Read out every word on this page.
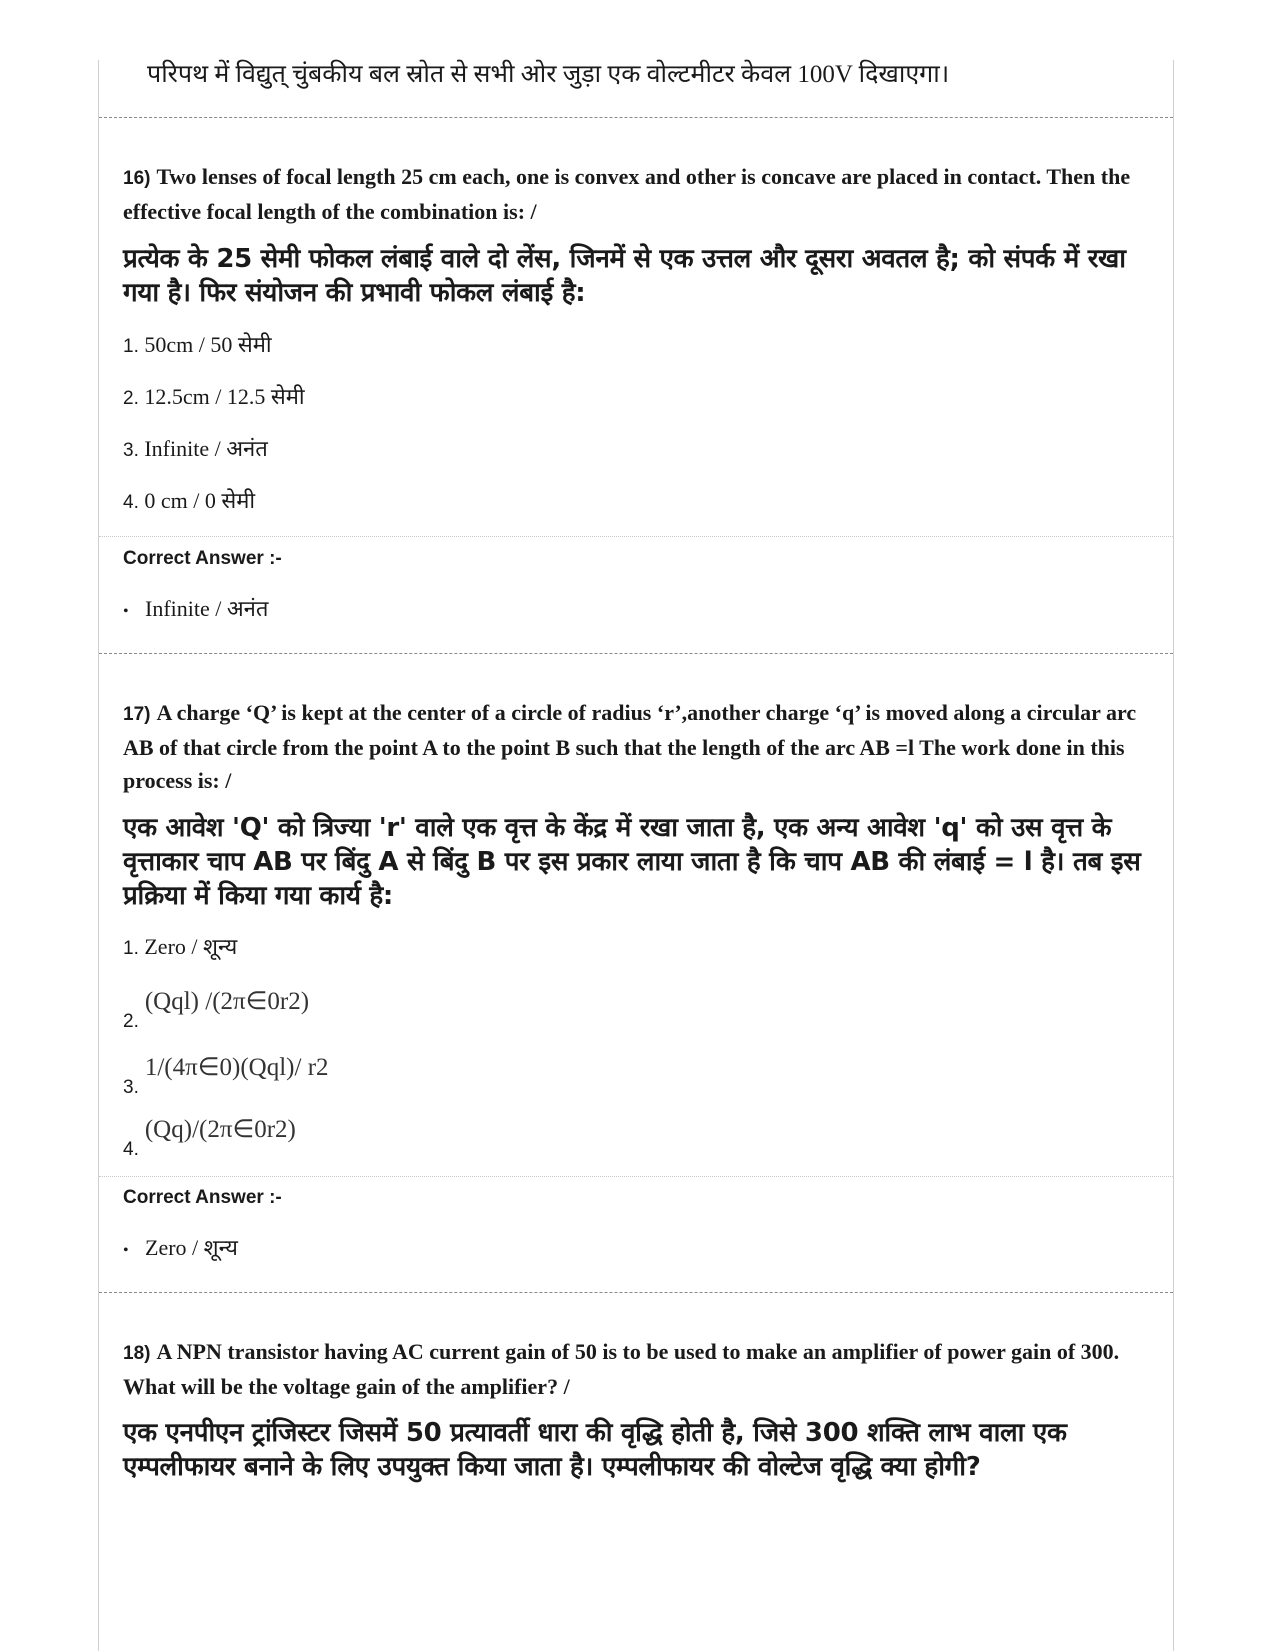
परिपथ में विद्युत् चुंबकीय बल स्रोत से सभी ओर जुड़ा एक वोल्टमीटर केवल 100V दिखाएगा।
16) Two lenses of focal length 25 cm each, one is convex and other is concave are placed in contact. Then the effective focal length of the combination is: /
प्रत्येक के 25 सेमी फोकल लंबाई वाले दो लेंस, जिनमें से एक उत्तल और दूसरा अवतल है; को संपर्क में रखा गया है। फिर संयोजन की प्रभावी फोकल लंबाई है:
1. 50cm / 50 सेमी
2. 12.5cm / 12.5 सेमी
3. Infinite / अनंत
4. 0 cm / 0 सेमी
Correct Answer :-
• Infinite / अनंत
17) A charge ‘Q’ is kept at the center of a circle of radius ‘r’,another charge ‘q’ is moved along a circular arc AB of that circle from the point A to the point B such that the length of the arc AB =l The work done in this process is: /
एक आवेश 'Q' को त्रिज्या 'r' वाले एक वृत्त के केंद्र में रखा जाता है, एक अन्य आवेश 'q' को उस वृत्त के वृत्ताकार चाप AB पर बिंदु A से बिंदु B पर इस प्रकार लाया जाता है कि चाप AB की लंबाई = l है। तब इस प्रक्रिया में किया गया कार्य है:
1. Zero / शून्य
2.(Qql) /(2π∈0r2)
3.1/(4π∈0)(Qql)/ r2
4.(Qq)/(2π∈0r2)
Correct Answer :-
• Zero / शून्य
18) A NPN transistor having AC current gain of 50 is to be used to make an amplifier of power gain of 300. What will be the voltage gain of the amplifier? /
एक एनपीएन ट्रांजिस्टर जिसमें 50 प्रत्यावर्ती धारा की वृद्धि होती है, जिसे 300 शक्ति लाभ वाला एक एम्पलीफायर बनाने के लिए उपयुक्त किया जाता है। एम्पलीफायर की वोल्टेज वृद्धि क्या होगी?
